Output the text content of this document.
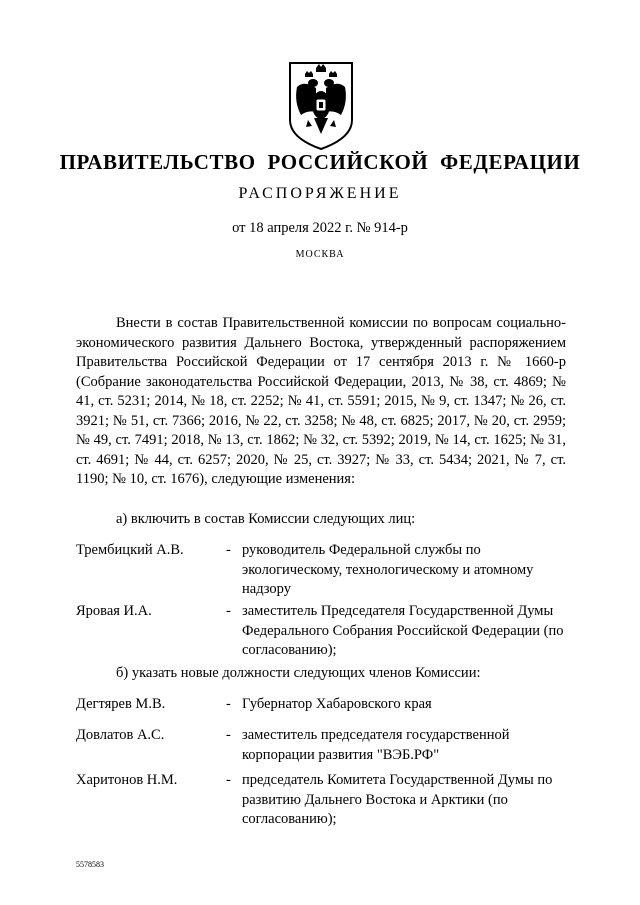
ПРАВИТЕЛЬСТВО РОССИЙСКОЙ ФЕДЕРАЦИИ
РАСПОРЯЖЕНИЕ
от 18 апреля 2022 г. № 914-р
МОСКВА

Внести в состав Правительственной комиссии по вопросам социально-экономического развития Дальнего Востока, утвержденный распоряжением Правительства Российской Федерации от 17 сентября 2013 г. № 1660-р (Собрание законодательства Российской Федерации, 2013, № 38, ст. 4869; № 41, ст. 5231; 2014, № 18, ст. 2252; № 41, ст. 5591; 2015, № 9, ст. 1347; № 26, ст. 3921; № 51, ст. 7366; 2016, № 22, ст. 3258; № 48, ст. 6825; 2017, № 20, ст. 2959; № 49, ст. 7491; 2018, № 13, ст. 1862; № 32, ст. 5392; 2019, № 14, ст. 1625; № 31, ст. 4691; № 44, ст. 6257; 2020, № 25, ст. 3927; № 33, ст. 5434; 2021, № 7, ст. 1190; № 10, ст. 1676), следующие изменения:

а) включить в состав Комиссии следующих лиц:

Трембицкий А.В.	- руководитель Федеральной службы по экологическому, технологическому и атомному надзору
Яровая И.А.	- заместитель Председателя Государственной Думы Федерального Собрания Российской Федерации (по согласованию);

б) указать новые должности следующих членов Комиссии:

Дегтярев М.В.	- Губернатор Хабаровского края
Довлатов А.С.	- заместитель председателя государственной корпорации развития "ВЭБ.РФ"
Харитонов Н.М.	- председатель Комитета Государственной Думы по развитию Дальнего Востока и Арктики (по согласованию);
5578583
